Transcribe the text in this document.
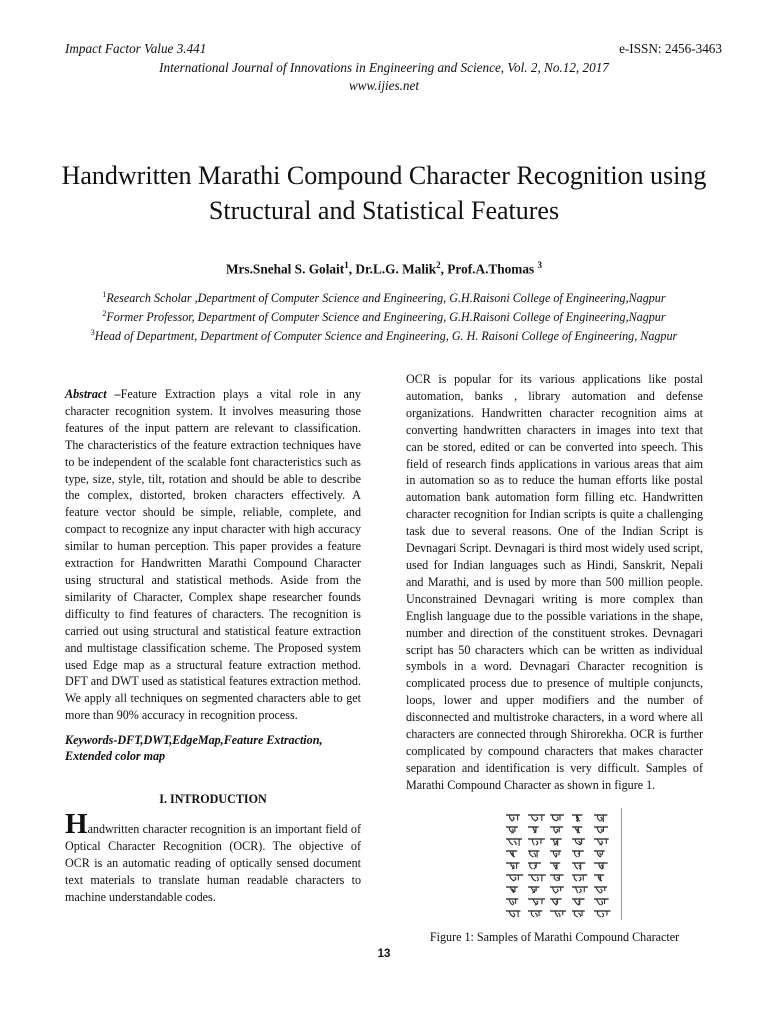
Impact Factor Value 3.441	e-ISSN: 2456-3463
International Journal of Innovations in Engineering and Science, Vol. 2, No.12, 2017
www.ijies.net
Handwritten Marathi Compound Character Recognition using Structural and Statistical Features
Mrs.Snehal S. Golait$^1$, Dr.L.G. Malik$^2$, Prof.A.Thomas $^3$
$^1$Research Scholar ,Department of Computer Science and Engineering, G.H.Raisoni College of Engineering,Nagpur
$^2$Former Professor, Department of Computer Science and Engineering, G.H.Raisoni College of Engineering,Nagpur
$^3$Head of Department, Department of Computer Science and Engineering, G. H. Raisoni College of Engineering, Nagpur
Abstract –Feature Extraction plays a vital role in any character recognition system. It involves measuring those features of the input pattern are relevant to classification. The characteristics of the feature extraction techniques have to be independent of the scalable font characteristics such as type, size, style, tilt, rotation and should be able to describe the complex, distorted, broken characters effectively. A feature vector should be simple, reliable, complete, and compact to recognize any input character with high accuracy similar to human perception. This paper provides a feature extraction for Handwritten Marathi Compound Character using structural and statistical methods. Aside from the similarity of Character, Complex shape researcher founds difficulty to find features of characters. The recognition is carried out using structural and statistical feature extraction and multistage classification scheme. The Proposed system used Edge map as a structural feature extraction method. DFT and DWT used as statistical features extraction method. We apply all techniques on segmented characters able to get more than 90% accuracy in recognition process.
Keywords-DFT,DWT,EdgeMap,Feature Extraction, Extended color map
I. INTRODUCTION
Handwritten character recognition is an important field of Optical Character Recognition (OCR). The objective of OCR is an automatic reading of optically sensed document text materials to translate human readable characters to machine understandable codes.
OCR is popular for its various applications like postal automation, banks , library automation and defense organizations. Handwritten character recognition aims at converting handwritten characters in images into text that can be stored, edited or can be converted into speech. This field of research finds applications in various areas that aim in automation so as to reduce the human efforts like postal automation bank automation form filling etc. Handwritten character recognition for Indian scripts is quite a challenging task due to several reasons. One of the Indian Script is Devnagari Script. Devnagari is third most widely used script, used for Indian languages such as Hindi, Sanskrit, Nepali and Marathi, and is used by more than 500 million people. Unconstrained Devnagari writing is more complex than English language due to the possible variations in the shape, number and direction of the constituent strokes. Devnagari script has 50 characters which can be written as individual symbols in a word. Devnagari Character recognition is complicated process due to presence of multiple conjuncts, loops, lower and upper modifiers and the number of disconnected and multistroke characters, in a word where all characters are connected through Shirorekha. OCR is further complicated by compound characters that makes character separation and identification is very difficult. Samples of Marathi Compound Character as shown in figure 1.
Figure 1: Samples of Marathi Compound Character
13
